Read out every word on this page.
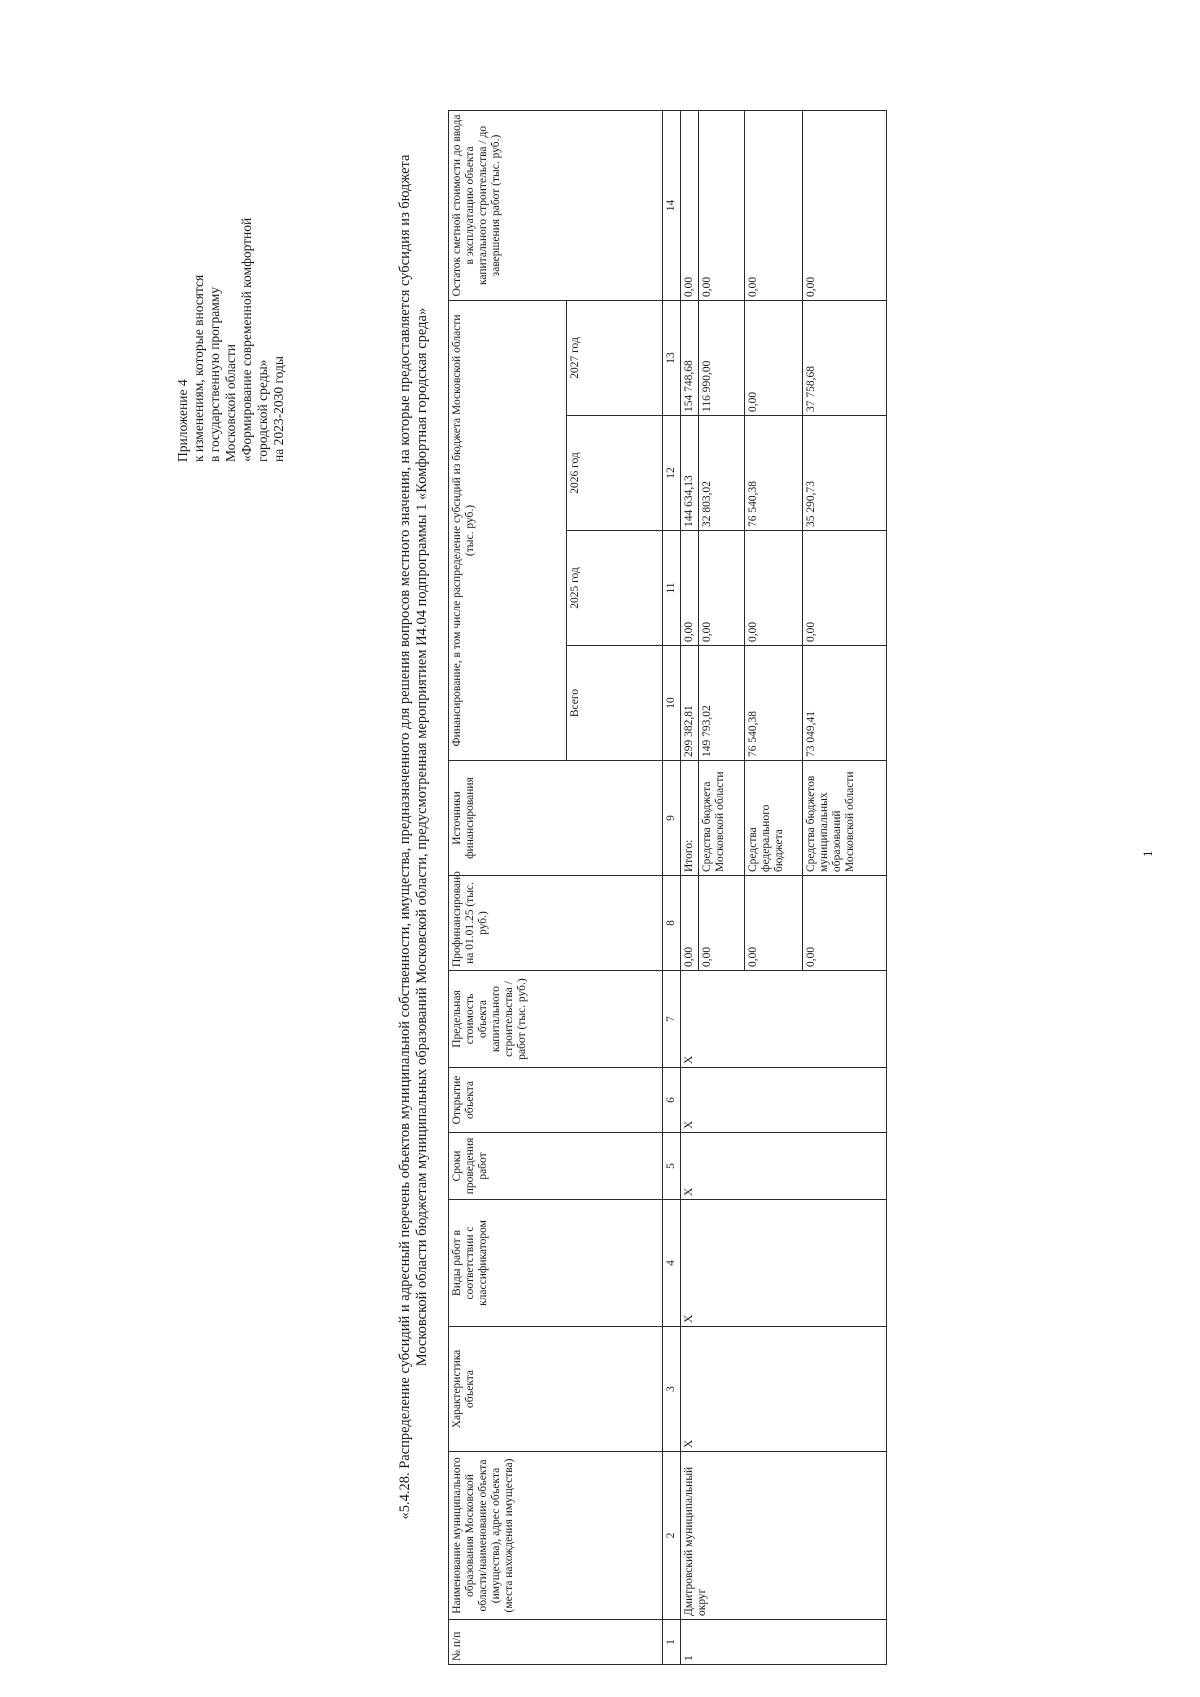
Приложение 4 к изменениям, которые вносятся в государственную программу Московской области «Формирование современной комфортной городской среды» на 2023-2030 годы	«5.4.28. Распределение субсидий и адресный перечень объектов муниципальной собственности, имущества, предназначенного для решения вопросов местного значения, на которые предоставляется субсидия из бюджета Московской области бюджетам муниципальных образований Московской области, предусмотренная мероприятием И4.04 подпрограммы 1 «Комфортная городская среда»
№ п/п	Наименование муниципального образования Московской области/наименование объекта (имущества), адрес объекта (места нахождения имущества)	Характеристика объекта	Виды работ в соответствии с классификатором	Сроки проведения работ	Открытие объекта	Предельная стоимость объекта капитального строительства / работ (тыс. руб.)	Профинансировано на 01.01.25 (тыс. руб.)	Источники финансирования	Финансирование, в том числе распределение субсидий из бюджета Московской области (тыс. руб.)				Остаток сметной стоимости до ввода в эксплуатацию объекта капитального строительства / до завершения работ (тыс. руб.)
									Всего	2025 год	2026 год	2027 год	
1	2	3	4	5	6	7	8	9	10	11	12	13	14
1	Дмитровский муниципальный округ	X	X	X	X	X	0,00	Итого:	299 382,81	0,00	144 634,13	154 748,68	0,00
							0,00	Средства бюджета Московской области	149 793,02	0,00	32 803,02	116 990,00	0,00
							0,00	Средства федерального бюджета	76 540,38	0,00	76 540,38	0,00	0,00
							0,00	Средства бюджетов муниципальных образований Московской области	73 049,41	0,00	35 290,73	37 758,68	0,00
1
